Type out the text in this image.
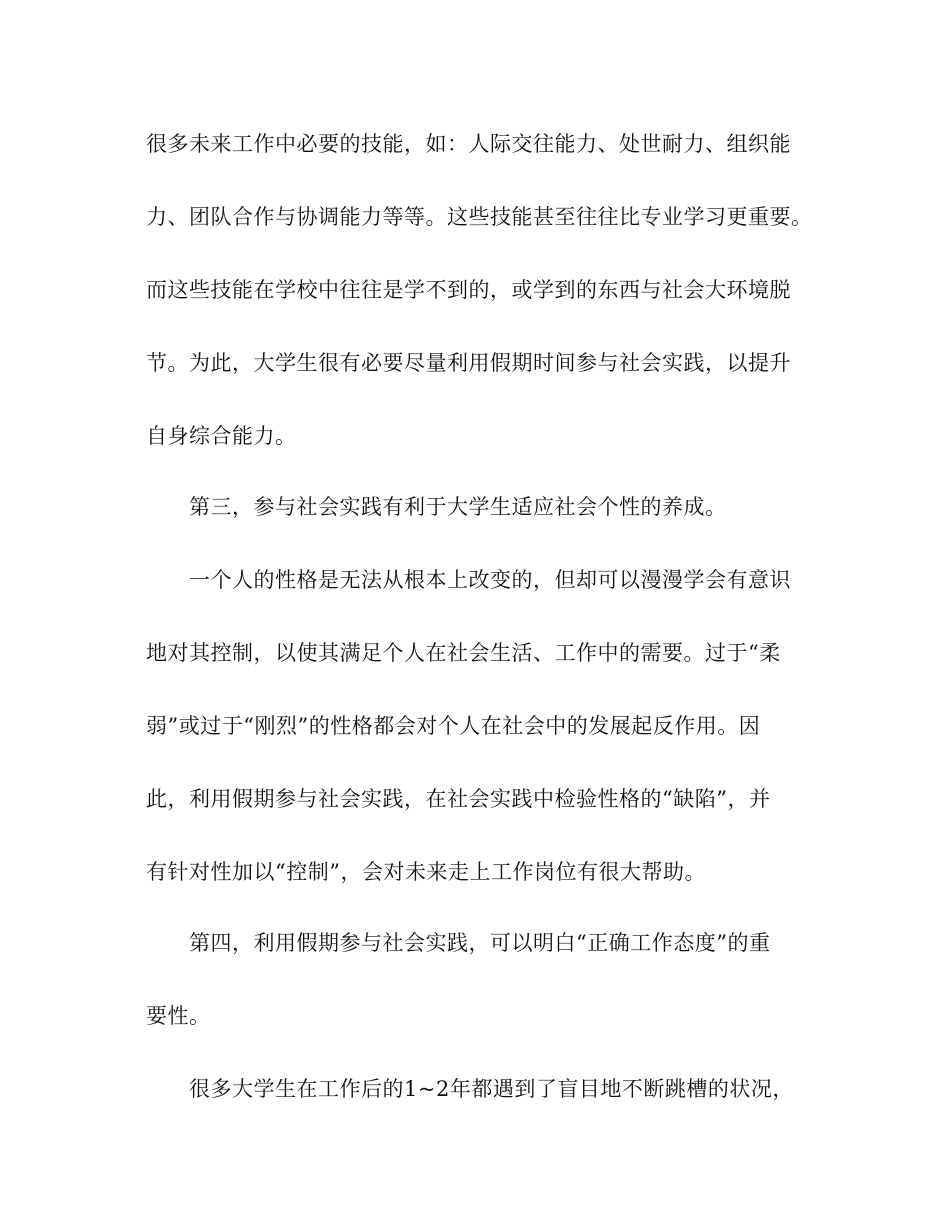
很多未来工作中必要的技能，如：人际交往能力、处世耐力、组织能
力、团队合作与协调能力等等。这些技能甚至往往比专业学习更重要。
而这些技能在学校中往往是学不到的，或学到的东西与社会大环境脱
节。为此，大学生很有必要尽量利用假期时间参与社会实践，以提升
自身综合能力。
第三，参与社会实践有利于大学生适应社会个性的养成。
一个人的性格是无法从根本上改变的，但却可以漫漫学会有意识
地对其控制，以使其满足个人在社会生活、工作中的需要。过于“柔
弱”或过于“刚烈”的性格都会对个人在社会中的发展起反作用。因
此，利用假期参与社会实践，在社会实践中检验性格的“缺陷”，并
有针对性加以“控制”，会对未来走上工作岗位有很大帮助。
第四，利用假期参与社会实践，可以明白“正确工作态度”的重
要性。
很多大学生在工作后的1~2年都遇到了盲目地不断跳槽的状况，
